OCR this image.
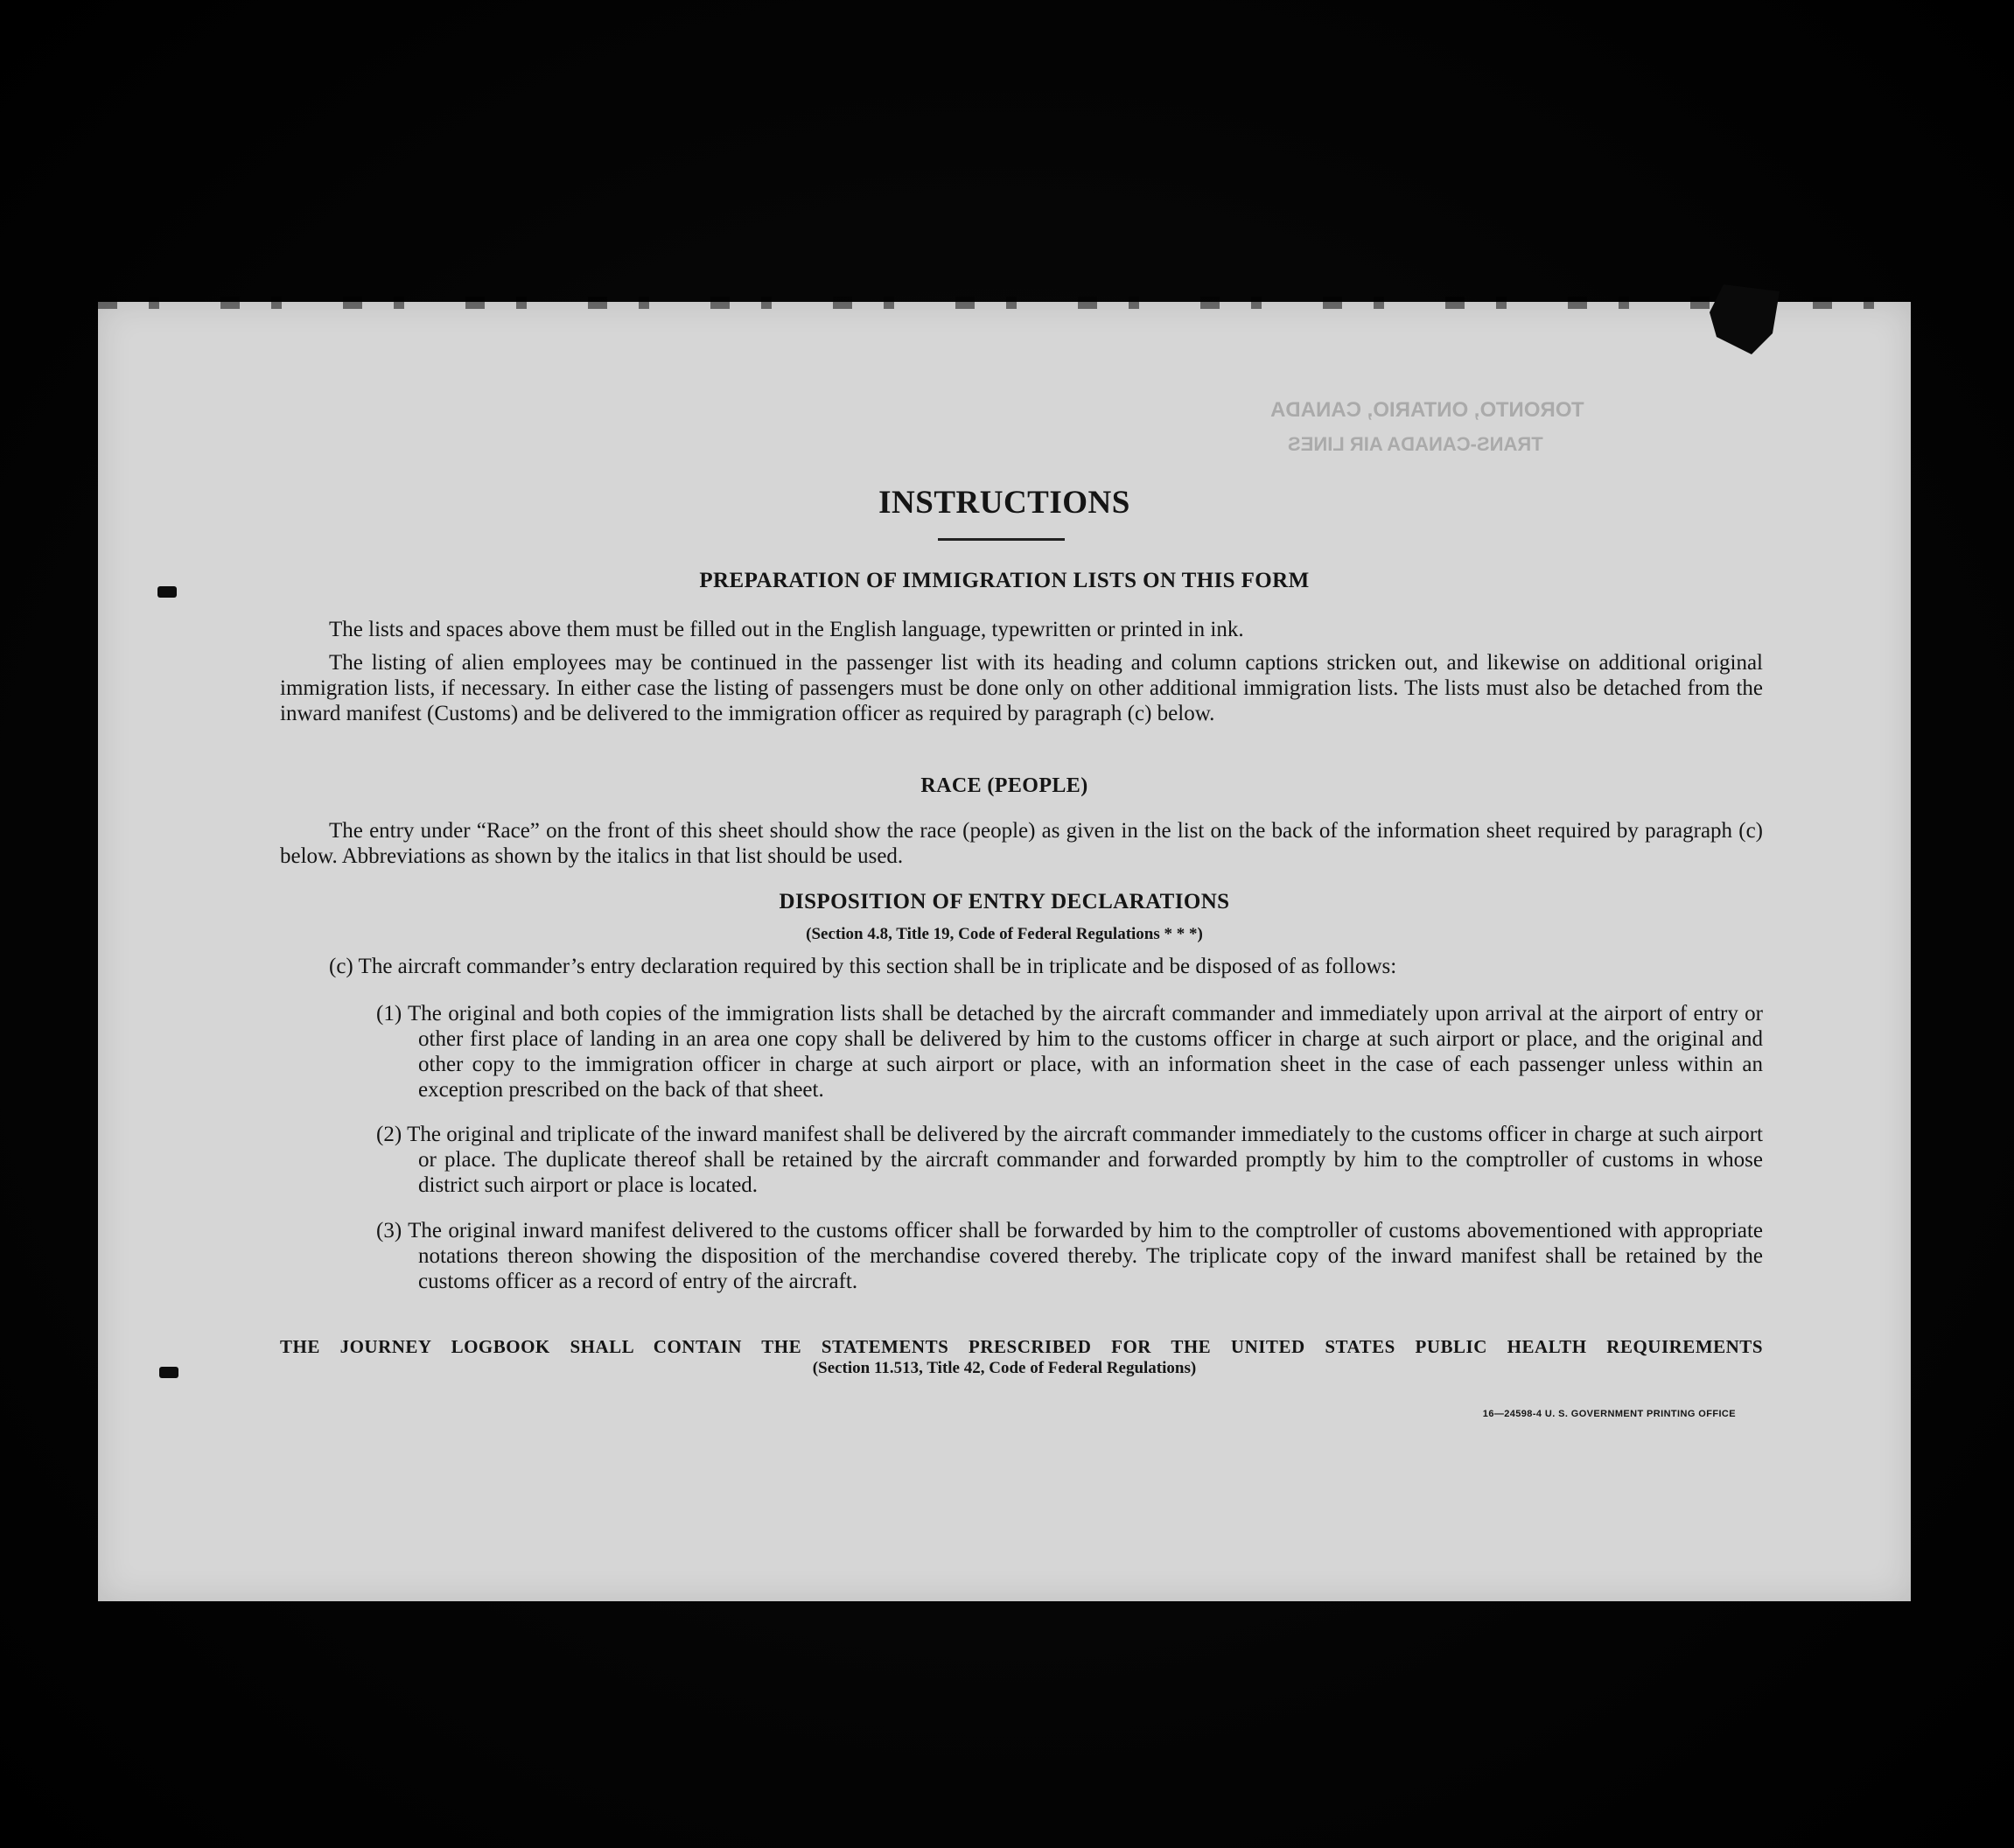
TORONTO, ONTARIO, CANADA
TRANS-CANADA AIR LINES
INSTRUCTIONS
PREPARATION OF IMMIGRATION LISTS ON THIS FORM
The lists and spaces above them must be filled out in the English language, typewritten or printed in ink.
The listing of alien employees may be continued in the passenger list with its heading and column captions stricken out, and likewise on additional original immigration lists, if necessary. In either case the listing of passengers must be done only on other additional immigration lists. The lists must also be detached from the inward manifest (Customs) and be delivered to the immigration officer as required by paragraph (c) below.
RACE (PEOPLE)
The entry under “Race” on the front of this sheet should show the race (people) as given in the list on the back of the information sheet required by paragraph (c) below. Abbreviations as shown by the italics in that list should be used.
DISPOSITION OF ENTRY DECLARATIONS
(Section 4.8, Title 19, Code of Federal Regulations * * *)
(c) The aircraft commander’s entry declaration required by this section shall be in triplicate and be disposed of as follows:
(1) The original and both copies of the immigration lists shall be detached by the aircraft commander and immediately upon arrival at the airport of entry or other first place of landing in an area one copy shall be delivered by him to the customs officer in charge at such airport or place, and the original and other copy to the immigration officer in charge at such airport or place, with an information sheet in the case of each passenger unless within an exception prescribed on the back of that sheet.
(2) The original and triplicate of the inward manifest shall be delivered by the aircraft commander immediately to the customs officer in charge at such airport or place. The duplicate thereof shall be retained by the aircraft commander and forwarded promptly by him to the comptroller of customs in whose district such airport or place is located.
(3) The original inward manifest delivered to the customs officer shall be forwarded by him to the comptroller of customs abovementioned with appropriate notations thereon showing the disposition of the merchandise covered thereby. The triplicate copy of the inward manifest shall be retained by the customs officer as a record of entry of the aircraft.
THE JOURNEY LOGBOOK SHALL CONTAIN THE STATEMENTS PRESCRIBED FOR THE UNITED STATES PUBLIC HEALTH REQUIREMENTS
(Section 11.513, Title 42, Code of Federal Regulations)
16—24598-4 U. S. GOVERNMENT PRINTING OFFICE
